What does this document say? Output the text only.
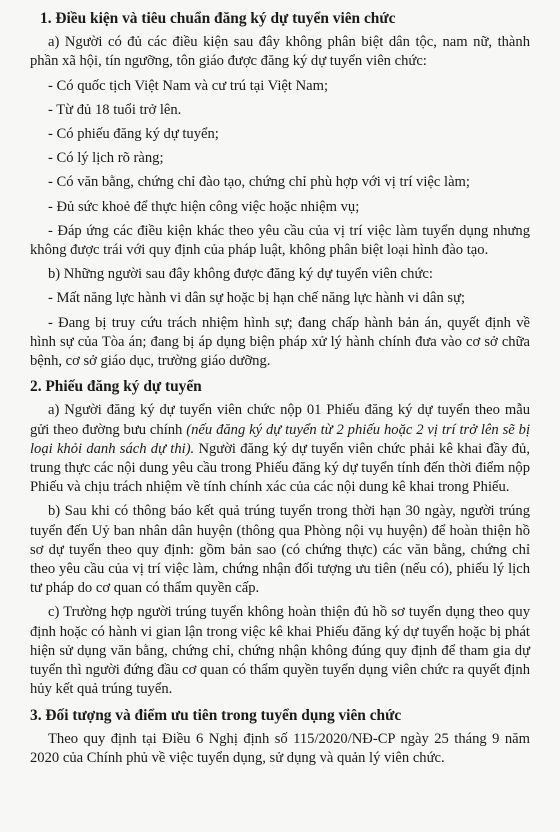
1. Điều kiện và tiêu chuẩn đăng ký dự tuyển viên chức

a) Người có đủ các điều kiện sau đây không phân biệt dân tộc, nam nữ, thành phần xã hội, tín ngưỡng, tôn giáo được đăng ký dự tuyển viên chức:

- Có quốc tịch Việt Nam và cư trú tại Việt Nam;

- Từ đủ 18 tuổi trở lên.

- Có phiếu đăng ký dự tuyển;

- Có lý lịch rõ ràng;

- Có văn bằng, chứng chỉ đào tạo, chứng chỉ phù hợp với vị trí việc làm;

- Đủ sức khoẻ để thực hiện công việc hoặc nhiệm vụ;

- Đáp ứng các điều kiện khác theo yêu cầu của vị trí việc làm tuyển dụng nhưng không được trái với quy định của pháp luật, không phân biệt loại hình đào tạo.

b) Những người sau đây không được đăng ký dự tuyển viên chức:

- Mất năng lực hành vi dân sự hoặc bị hạn chế năng lực hành vi dân sự;

- Đang bị truy cứu trách nhiệm hình sự; đang chấp hành bản án, quyết định về hình sự của Tòa án; đang bị áp dụng biện pháp xử lý hành chính đưa vào cơ sở chữa bệnh, cơ sở giáo dục, trường giáo dưỡng.

2. Phiếu đăng ký dự tuyển

a) Người đăng ký dự tuyển viên chức nộp 01 Phiếu đăng ký dự tuyển theo mẫu gửi theo đường bưu chính (nếu đăng ký dự tuyển từ 2 phiếu hoặc 2 vị trí trở lên sẽ bị loại khỏi danh sách dự thi). Người đăng ký dự tuyển viên chức phải kê khai đầy đủ, trung thực các nội dung yêu cầu trong Phiếu đăng ký dự tuyển tính đến thời điểm nộp Phiếu và chịu trách nhiệm về tính chính xác của các nội dung kê khai trong Phiếu.

b) Sau khi có thông báo kết quả trúng tuyển trong thời hạn 30 ngày, người trúng tuyển đến Uỷ ban nhân dân huyện (thông qua Phòng nội vụ huyện) để hoàn thiện hồ sơ dự tuyển theo quy định: gồm bản sao (có chứng thực) các văn bằng, chứng chỉ theo yêu cầu của vị trí việc làm, chứng nhận đối tượng ưu tiên (nếu có), phiếu lý lịch tư pháp do cơ quan có thẩm quyền cấp.

c) Trường hợp người trúng tuyển không hoàn thiện đủ hồ sơ tuyển dụng theo quy định hoặc có hành vi gian lận trong việc kê khai Phiếu đăng ký dự tuyển hoặc bị phát hiện sử dụng văn bằng, chứng chỉ, chứng nhận không đúng quy định để tham gia dự tuyển thì người đứng đầu cơ quan có thẩm quyền tuyển dụng viên chức ra quyết định hủy kết quả trúng tuyển.

3. Đối tượng và điểm ưu tiên trong tuyển dụng viên chức

Theo quy định tại Điều 6 Nghị định số 115/2020/NĐ-CP ngày 25 tháng 9 năm 2020 của Chính phủ về việc tuyển dụng, sử dụng và quản lý viên chức.
